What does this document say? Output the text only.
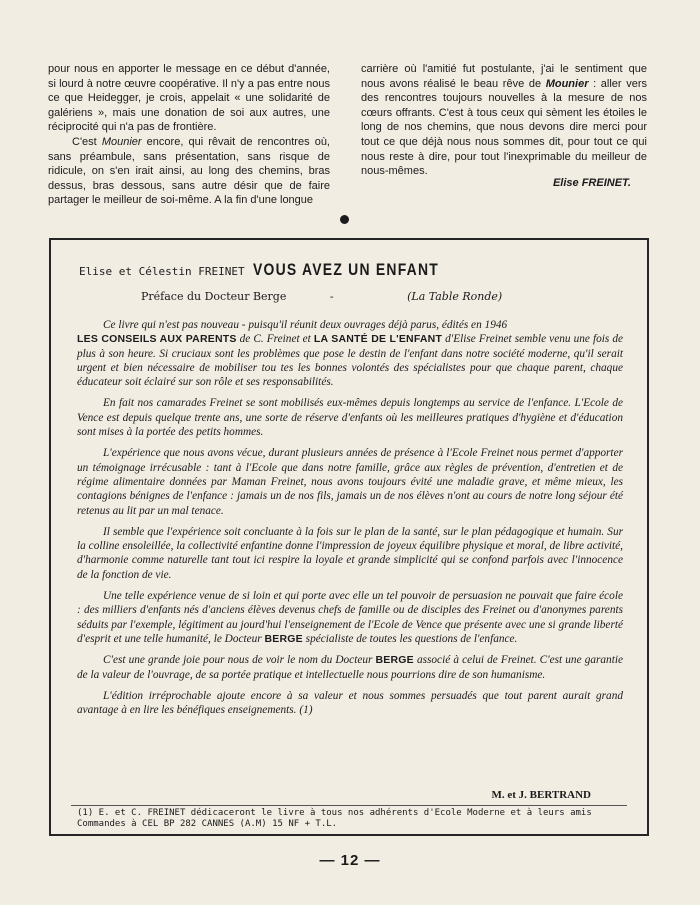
pour nous en apporter le message en ce début d'année, si lourd à notre œuvre coopérative. Il n'y a pas entre nous ce que Heidegger, je crois, appelait « une solidarité de galériens », mais une donation de soi aux autres, une réciprocité qui n'a pas de frontière.

C'est Mounier encore, qui rêvait de rencontres où, sans préambule, sans présentation, sans risque de ridicule, on s'en irait ainsi, au long des chemins, bras dessus, bras dessous, sans autre désir que de faire partager le meilleur de soi-même. A la fin d'une longue

carrière où l'amitié fut postulante, j'ai le sentiment que nous avons réalisé le beau rêve de Mounier : aller vers des rencontres toujours nouvelles à la mesure de nos cœurs offrants. C'est à tous ceux qui sèment les étoiles le long de nos chemins, que nous devons dire merci pour tout ce que déjà nous nous sommes dit, pour tout ce qui nous reste à dire, pour tout l'inexprimable du meilleur de nous-mêmes.

Elise FREINET.
Elise et Célestin FREINET VOUS AVEZ UN ENFANT
Préface du Docteur Berge	-	(La Table Ronde)

Ce livre qui n'est pas nouveau - puisqu'il réunit deux ouvrages déjà parus, édités en 1946
LES CONSEILS AUX PARENTS de C. Freinet et LA SANTÉ DE L'ENFANT d'Elise Freinet semble venu une fois de plus à son heure. Si cruciaux sont les problèmes que pose le destin de l'enfant dans notre société moderne, qu'il serait urgent et bien nécessaire de mobiliser tou tes les bonnes volontés des spécialistes pour que chaque parent, chaque éducateur soit éclairé sur son rôle et ses responsabilités.

En fait nos camarades Freinet se sont mobilisés eux-mêmes depuis longtemps au service de l'enfance. L'Ecole de Vence est depuis quelque trente ans, une sorte de réserve d'enfants où les meilleures pratiques d'hygiène et d'éducation sont mises à la portée des petits hommes.

L'expérience que nous avons vécue, durant plusieurs années de présence à l'Ecole Freinet nous permet d'apporter un témoignage irrécusable : tant à l'Ecole que dans notre famille, grâce aux règles de prévention, d'entretien et de régime alimentaire données par Maman Freinet, nous avons toujours évité une maladie grave, et même mieux, les contagions bénignes de l'enfance : jamais un de nos fils, jamais un de nos élèves n'ont au cours de notre long séjour été retenus au lit par un mal tenace.

Il semble que l'expérience soit concluante à la fois sur le plan de la santé, sur le plan pédagogique et humain. Sur la colline ensoleillée, la collectivité enfantine donne l'impression de joyeux équilibre physique et moral, de libre activité, d'harmonie comme naturelle tant tout ici respire la loyale et grande simplicité qui se confond parfois avec l'innocence de la fonction de vie.

Une telle expérience venue de si loin et qui porte avec elle un tel pouvoir de persuasion ne pouvait que faire école : des milliers d'enfants nés d'anciens élèves devenus chefs de famille ou de disciples des Freinet ou d'anonymes parents séduits par l'exemple, légitiment au jourd'hui l'enseignement de l'Ecole de Vence que présente avec une si grande liberté d'esprit et une telle humanité, le Docteur BERGE spécialiste de toutes les questions de l'enfance.

C'est une grande joie pour nous de voir le nom du Docteur BERGE associé à celui de Freinet. C'est une garantie de la valeur de l'ouvrage, de sa portée pratique et intellectuelle nous pourrions dire de son humanisme.

L'édition irréprochable ajoute encore à sa valeur et nous sommes persuadés que tout parent aurait grand avantage à en lire les bénéfiques enseignements. (1)

M. et J. BERTRAND
(1) E. et C. FREINET dédicaceront le livre à tous nos adhérents d'Ecole Moderne et à leurs amis
Commandes à CEL BP 282 CANNES (A.M) 15 NF + T.L.
— 12 —
